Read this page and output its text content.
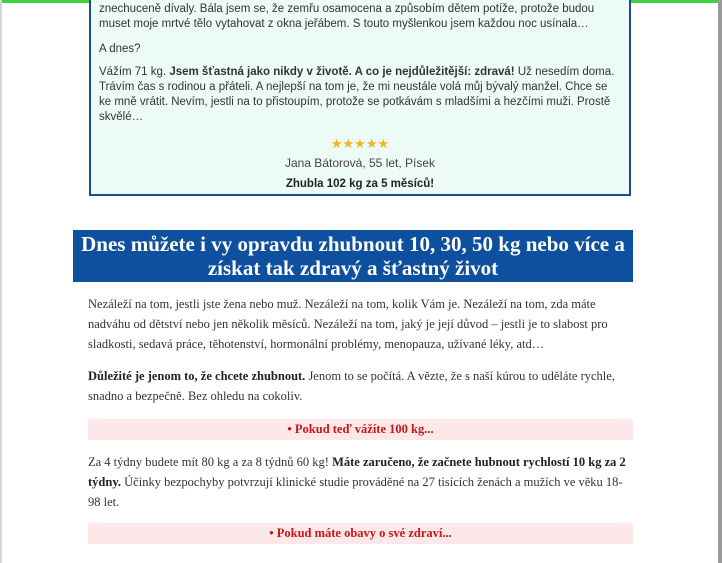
znechuceně dívaly. Bála jsem se, že zemřu osamocena a způsobím dětem potíže, protože budou muset moje mrtvé tělo vytahovat z okna jeřábem. S touto myšlenkou jsem každou noc usínala…

A dnes?

Vážím 71 kg. Jsem šťastná jako nikdy v životě. A co je nejdůležitější: zdravá! Už nesedím doma. Trávím čas s rodinou a přáteli. A nejlepší na tom je, že mi neustále volá můj bývalý manžel. Chce se ke mně vrátit. Nevím, jestli na to přistoupím, protože se potkávám s mladšími a hezčími muži. Prostě skvělé…

★★★★★
Jana Bátorová, 55 let, Písek
Zhubla 102 kg za 5 měsíců!
Dnes můžete i vy opravdu zhubnout 10, 30, 50 kg nebo více a získat tak zdravý a šťastný život
Nezáleží na tom, jestli jste žena nebo muž. Nezáleží na tom, kolik Vám je. Nezáleží na tom, zda máte nadváhu od dětství nebo jen několik měsíců. Nezáleží na tom, jaký je její důvod – jestli je to slabost pro sladkosti, sedavá práce, těhotenství, hormonální problémy, menopauza, užívané léky, atd…
Důležité je jenom to, že chcete zhubnout. Jenom to se počítá. A vězte, že s naší kúrou to uděláte rychle, snadno a bezpečně. Bez ohledu na cokoliv.
• Pokud teď vážíte 100 kg...
Za 4 týdny budete mít 80 kg a za 8 týdnů 60 kg! Máte zaručeno, že začnete hubnout rychlostí 10 kg za 2 týdny. Účinky bezpochyby potvrzují klinické studie prováděné na 27 tisících ženách a mužích ve věku 18-98 let.
• Pokud máte obavy o své zdraví...
